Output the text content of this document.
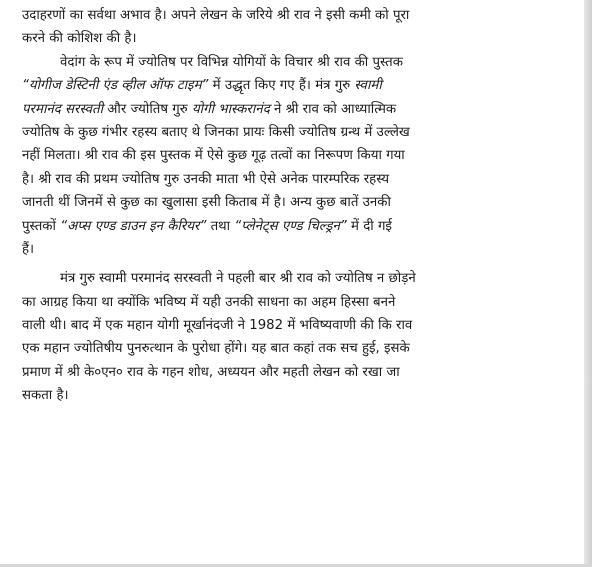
उदाहरणों का सर्वथा अभाव है। अपने लेखन के जरिये श्री राव ने इसी कमी को पूरा
करने की कोशिश की है।
वेदांग के रूप में ज्योतिष पर विभिन्न योगियों के विचार श्री राव की पुस्तक
“योगीज डेस्टिनी एंड व्हील ऑफ टाइम” में उद्धृत किए गए हैं। मंत्र गुरु स्वामी
परमानंद सरस्वती और ज्योतिष गुरु योगी भास्करानंद ने श्री राव को आध्यात्मिक
ज्योतिष के कुछ गंभीर रहस्य बताए थे जिनका प्रायः किसी ज्योतिष ग्रन्थ में उल्लेख
नहीं मिलता। श्री राव की इस पुस्तक में ऐसे कुछ गूढ़ तत्वों का निरूपण किया गया
है। श्री राव की प्रथम ज्योतिष गुरु उनकी माता भी ऐसे अनेक पारम्परिक रहस्य
जानती थीं जिनमें से कुछ का खुलासा इसी किताब में है। अन्य कुछ बातें उनकी
पुस्तकों “अप्स एण्ड डाउन इन कैरियर” तथा “प्लेनेट्स एण्ड चिल्ड्रन” में दी गई
हैं।
मंत्र गुरु स्वामी परमानंद सरस्वती ने पहली बार श्री राव को ज्योतिष न छोड़ने
का आग्रह किया था क्योंकि भविष्य में यही उनकी साधना का अहम हिस्सा बनने
वाली थी। बाद में एक महान योगी मूर्खानंदजी ने 1982 में भविष्यवाणी की कि राव
एक महान ज्योतिषीय पुनरुत्थान के पुरोधा होंगे। यह बात कहां तक सच हुई, इसके
प्रमाण में श्री के०एन० राव के गहन शोध, अध्ययन और महती लेखन को रखा जा
सकता है।
